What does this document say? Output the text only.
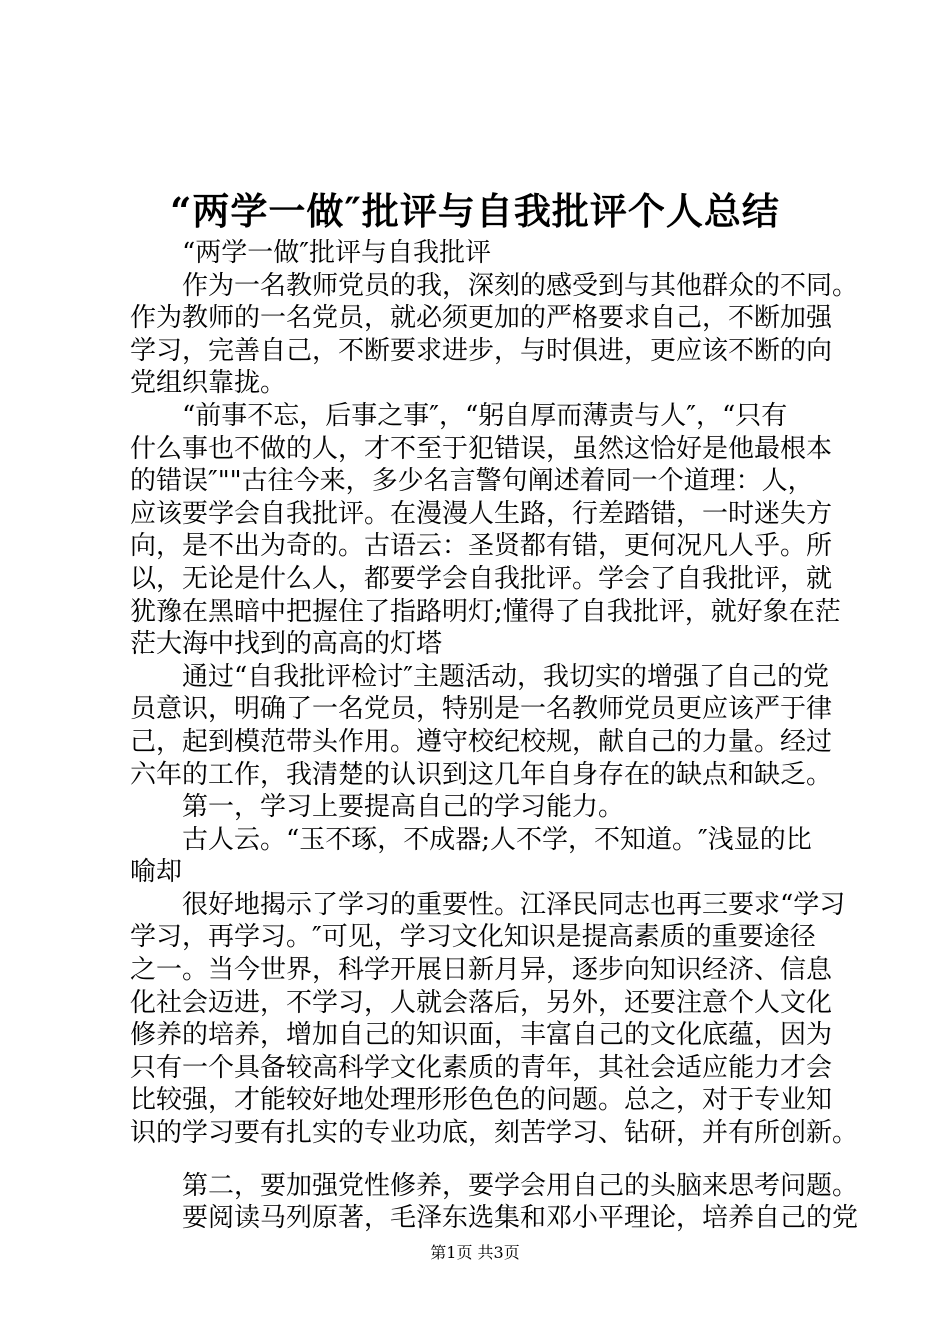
“两学一做″批评与自我批评个人总结
　　“两学一做″批评与自我批评
　　作为一名教师党员的我，深刻的感受到与其他群众的不同。
作为教师的一名党员，就必须更加的严格要求自己，不断加强
学习，完善自己，不断要求进步，与时俱进，更应该不断的向
党组织靠拢。
　　“前事不忘，后事之事″，“躬自厚而薄责与人″，“只有
什么事也不做的人，才不至于犯错误，虽然这恰好是他最根本
的错误″""古往今来，多少名言警句阐述着同一个道理：人，
应该要学会自我批评。在漫漫人生路，行差踏错，一时迷失方
向，是不出为奇的。古语云：圣贤都有错，更何况凡人乎。所
以，无论是什么人，都要学会自我批评。学会了自我批评，就
犹豫在黑暗中把握住了指路明灯;懂得了自我批评，就好象在茫
茫大海中找到的高高的灯塔
　　通过“自我批评检讨″主题活动，我切实的增强了自己的党
员意识，明确了一名党员，特别是一名教师党员更应该严于律
己，起到模范带头作用。遵守校纪校规，献自己的力量。经过
六年的工作，我清楚的认识到这几年自身存在的缺点和缺乏。
　　第一，学习上要提高自己的学习能力。
　　古人云。“玉不琢，不成器;人不学，不知道。″浅显的比
喻却
　　很好地揭示了学习的重要性。江泽民同志也再三要求“学习
学习，再学习。″可见，学习文化知识是提高素质的重要途径
之一。当今世界，科学开展日新月异，逐步向知识经济、信息
化社会迈进，不学习，人就会落后，另外，还要注意个人文化
修养的培养，增加自己的知识面，丰富自己的文化底蕴，因为
只有一个具备较高科学文化素质的青年，其社会适应能力才会
比较强，才能较好地处理形形色色的问题。总之，对于专业知
识的学习要有扎实的专业功底，刻苦学习、钻研，并有所创新。
　　第二，要加强党性修养，要学会用自己的头脑来思考问题。
　　要阅读马列原著，毛泽东选集和邓小平理论，培养自己的党
第1页 共3页
